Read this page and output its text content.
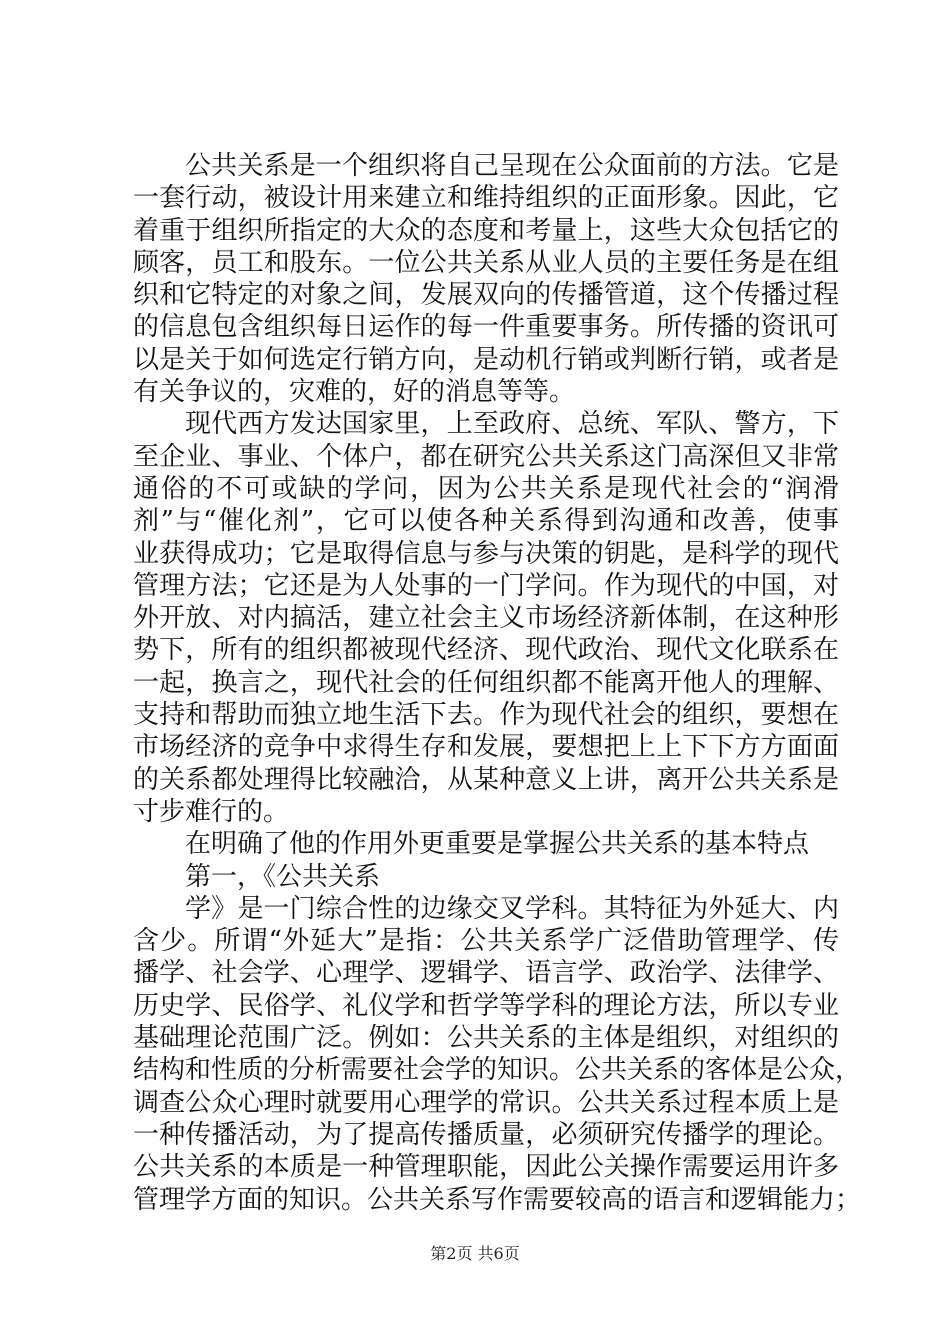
公共关系是一个组织将自己呈现在公众面前的方法。它是
一套行动，被设计用来建立和维持组织的正面形象。因此，它
着重于组织所指定的大众的态度和考量上，这些大众包括它的
顾客，员工和股东。一位公共关系从业人员的主要任务是在组
织和它特定的对象之间，发展双向的传播管道，这个传播过程
的信息包含组织每日运作的每一件重要事务。所传播的资讯可
以是关于如何选定行销方向，是动机行销或判断行销，或者是
有关争议的，灾难的，好的消息等等。
现代西方发达国家里，上至政府、总统、军队、警方，下
至企业、事业、个体户，都在研究公共关系这门高深但又非常
通俗的不可或缺的学问，因为公共关系是现代社会的“润滑
剂”与“催化剂”，它可以使各种关系得到沟通和改善，使事
业获得成功；它是取得信息与参与决策的钥匙，是科学的现代
管理方法；它还是为人处事的一门学问。作为现代的中国，对
外开放、对内搞活，建立社会主义市场经济新体制，在这种形
势下，所有的组织都被现代经济、现代政治、现代文化联系在
一起，换言之，现代社会的任何组织都不能离开他人的理解、
支持和帮助而独立地生活下去。作为现代社会的组织，要想在
市场经济的竞争中求得生存和发展，要想把上上下下方方面面
的关系都处理得比较融洽，从某种意义上讲，离开公共关系是
寸步难行的。
在明确了他的作用外更重要是掌握公共关系的基本特点
第一，《公共关系
学》是一门综合性的边缘交叉学科。其特征为外延大、内
含少。所谓“外延大”是指：公共关系学广泛借助管理学、传
播学、社会学、心理学、逻辑学、语言学、政治学、法律学、
历史学、民俗学、礼仪学和哲学等学科的理论方法，所以专业
基础理论范围广泛。例如：公共关系的主体是组织，对组织的
结构和性质的分析需要社会学的知识。公共关系的客体是公众，
调查公众心理时就要用心理学的常识。公共关系过程本质上是
一种传播活动，为了提高传播质量，必须研究传播学的理论。
公共关系的本质是一种管理职能，因此公关操作需要运用许多
管理学方面的知识。公共关系写作需要较高的语言和逻辑能力；
第2页 共6页
